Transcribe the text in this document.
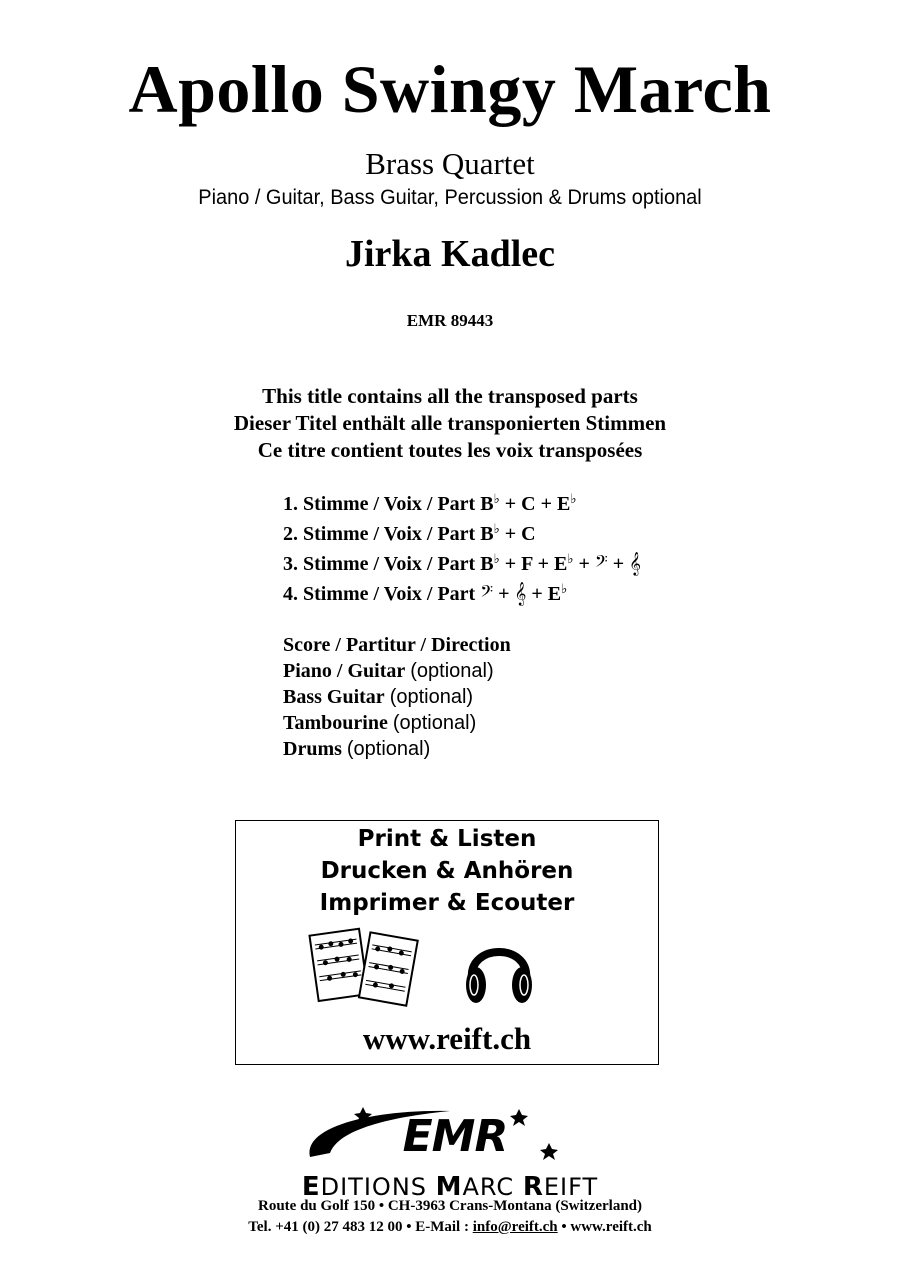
Apollo Swingy March
Brass Quartet
Piano / Guitar, Bass Guitar, Percussion & Drums optional
Jirka Kadlec
EMR 89443
This title contains all the transposed parts
Dieser Titel enthält alle transponierten Stimmen
Ce titre contient toutes les voix transposées
1. Stimme / Voix / Part B♭ + C + E♭
2. Stimme / Voix / Part B♭ + C
3. Stimme / Voix / Part B♭ + F + E♭ + 𝄢 + 𝄞
4. Stimme / Voix / Part 𝄢 + 𝄞 + E♭
Score / Partitur / Direction
Piano / Guitar (optional)
Bass Guitar (optional)
Tambourine (optional)
Drums (optional)
Print & Listen
Drucken & Anhören
Imprimer & Ecouter
www.reift.ch
EMR
EDITIONS MARC REIFT
Route du Golf 150 • CH-3963 Crans-Montana (Switzerland)
Tel. +41 (0) 27 483 12 00 • E-Mail : info@reift.ch • www.reift.ch
